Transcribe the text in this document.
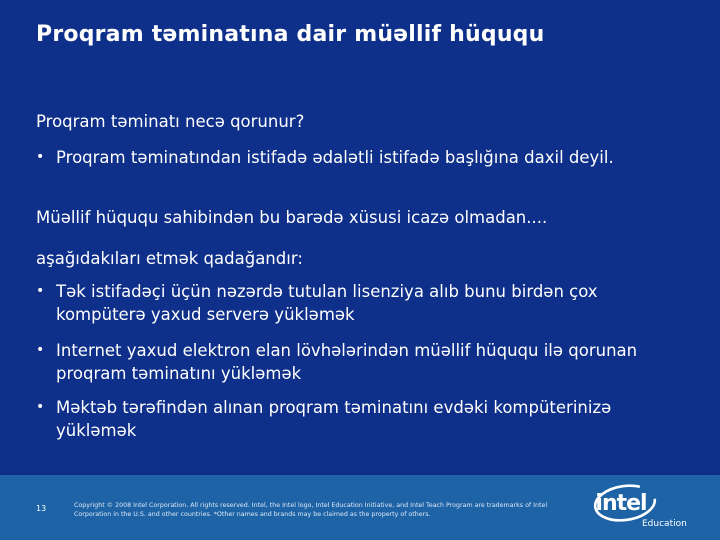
Proqram təminatına dair müəllif hüququ

Proqram təminatı necə qorunur?

• Proqram təminatından istifadə ədalətli istifadə başlığına daxil deyil.

Müəllif hüququ sahibindən bu barədə xüsusi icazə olmadan....

aşağıdakıları etmək qadağandır:

• Tək istifadəçi üçün nəzərdə tutulan lisenziya alıb bunu birdən çox kompüterə yaxud serverə yükləmək
• Internet yaxud elektron elan lövhələrindən müəllif hüququ ilə qorunan proqram təminatını yükləmək
• Məktəb tərəfindən alınan proqram təminatını evdəki kompüterinizə yükləmək
13	Copyright © 2008 Intel Corporation. All rights reserved. Intel, the Intel logo, Intel Education Initiative, and Intel Teach Program are trademarks of Intel Corporation in the U.S. and other countries. *Other names and brands may be claimed as the property of others.	intel
Education
